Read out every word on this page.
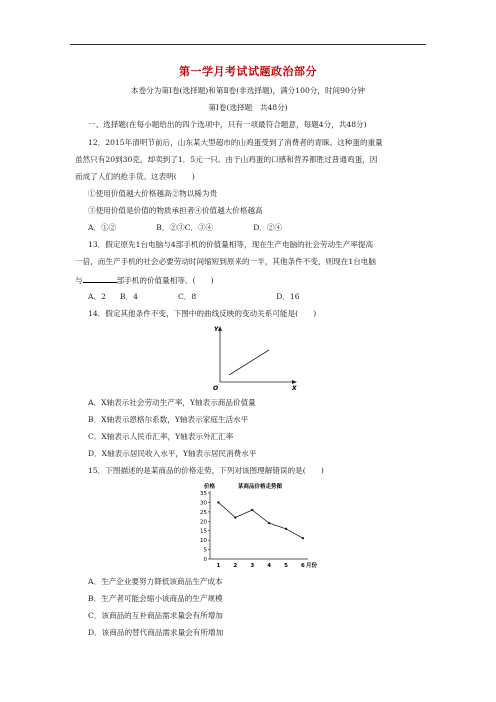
第一学月考试试题政治部分
本卷分为第Ⅰ卷(选择题)和第Ⅱ卷(非选择题)，满分100分，时间90分钟
第Ⅰ卷(选择题　共48分)
一、选择题(在每小题给出的四个选项中，只有一项最符合题意，每题4分，共48分)
12．2015年清明节前后，山东某大型超市的山鸡蛋受到了消费者的青睐。这种蛋的重量
虽然只有20到30克，却卖到了1．5元一只。由于山鸡蛋的口感和营养都胜过普通鸡蛋，因
而成了人们的抢手货。这表明(　　)
①使用价值越大价格越高②物以稀为贵
③使用价值是价值的物质承担者④价值越大价格越高
A．①②	B．②③C．③④	D．②④
13．假定原先1台电脑与4部手机的价值量相等，现在生产电脑的社会劳动生产率提高
一倍，而生产手机的社会必要劳动时间缩短到原来的一半，其他条件不变，则现在1台电脑
与	部手机的价值量相等。(　　)
A．2 B．4	C．8	D．16
14．假定其他条件不变，下图中的曲线反映的变动关系可能是(　　)
Y
X
O
A．X轴表示社会劳动生产率，Y轴表示商品价值量
B．X轴表示恩格尔系数，Y轴表示家庭生活水平
C．X轴表示人民币汇率，Y轴表示外汇汇率
D．X轴表示居民收入水平，Y轴表示居民消费水平
15．下图描述的是某商品的价格走势，下列对该图理解错误的是(　　)
价格	某商品价格走势图
月份
0
5
10
15
20
25
30
35
1 2 3 4 5 6
A．生产企业要努力降低该商品生产成本
B．生产者可能会缩小该商品的生产规模
C．该商品的互补商品需求量会有所增加
D．该商品的替代商品需求量会有所增加
